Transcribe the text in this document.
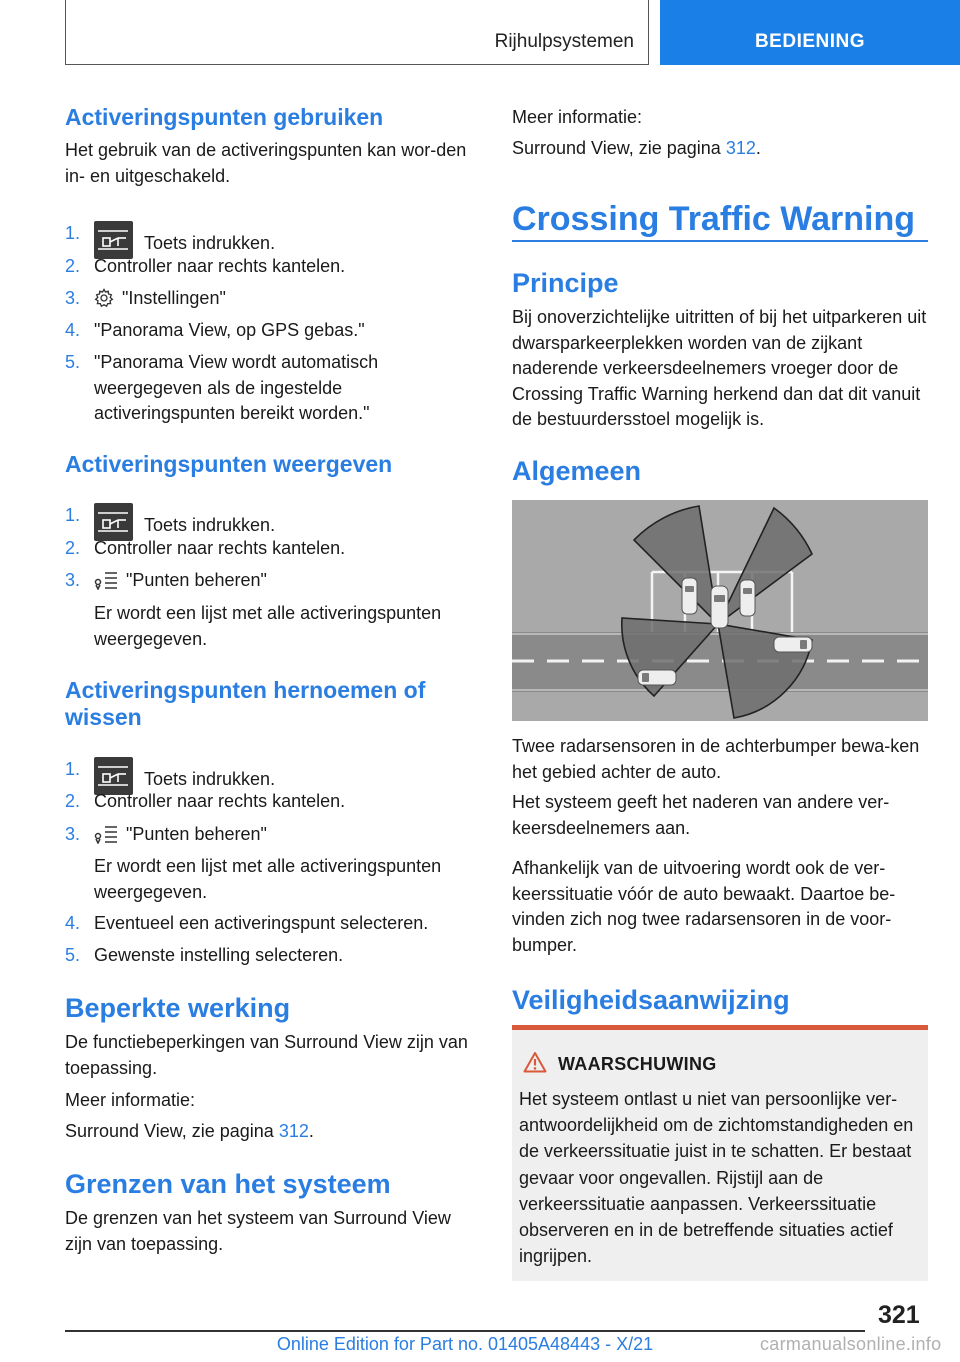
Rijhulpsystemen	BEDIENING
Activeringspunten gebruiken

Het gebruik van de activeringspunten kan wor-den in- en uitgeschakeld.

1.	Toets indrukken.
2. Controller naar rechts kantelen.
3.	"Instellingen"
4. "Panorama View, op GPS gebas."
5. "Panorama View wordt automatisch weergegeven als de ingestelde activeringspunten bereikt worden."
Activeringspunten weergeven
1.	Toets indrukken.
2. Controller naar rechts kantelen.
3.	"Punten beheren"

Er wordt een lijst met alle activeringspunten weergegeven.

Activeringspunten hernoemen of wissen
1.	Toets indrukken.
2. Controller naar rechts kantelen.
3.	"Punten beheren"

Er wordt een lijst met alle activeringspunten weergegeven.

4. Eventueel een activeringspunt selecteren.
5. Gewenste instelling selecteren.
Beperkte werking

De functiebeperkingen van Surround View zijn van toepassing.

Meer informatie:

Surround View, zie pagina 312.

Grenzen van het systeem

De grenzen van het systeem van Surround View zijn van toepassing.

Meer informatie:

Surround View, zie pagina 312.

Crossing Traffic Warning
Principe

Bij onoverzichtelijke uitritten of bij het uitparkeren uit dwarsparkeerplekken worden van de zijkant naderende verkeersdeelnemers vroeger door de Crossing Traffic Warning herkend dan dat dit vanuit de bestuurdersstoel mogelijk is.

Algemeen

Twee radarsensoren in de achterbumper bewa-ken het gebied achter de auto.

Het systeem geeft het naderen van andere ver-keersdeelnemers aan.

Afhankelijk van de uitvoering wordt ook de ver-keerssituatie vóór de auto bewaakt. Daartoe be-vinden zich nog twee radarsensoren in de voor-bumper.

Veiligheidsaanwijzing
WAARSCHUWING

Het systeem ontlast u niet van persoonlijke ver-antwoordelijkheid om de zichtomstandigheden en de verkeerssituatie juist in te schatten. Er bestaat gevaar voor ongevallen. Rijstijl aan de verkeerssituatie aanpassen. Verkeerssituatie observeren en in de betreffende situaties actief ingrijpen.

321
Online Edition for Part no. 01405A48443 - X/21	carmanualsonline.info
